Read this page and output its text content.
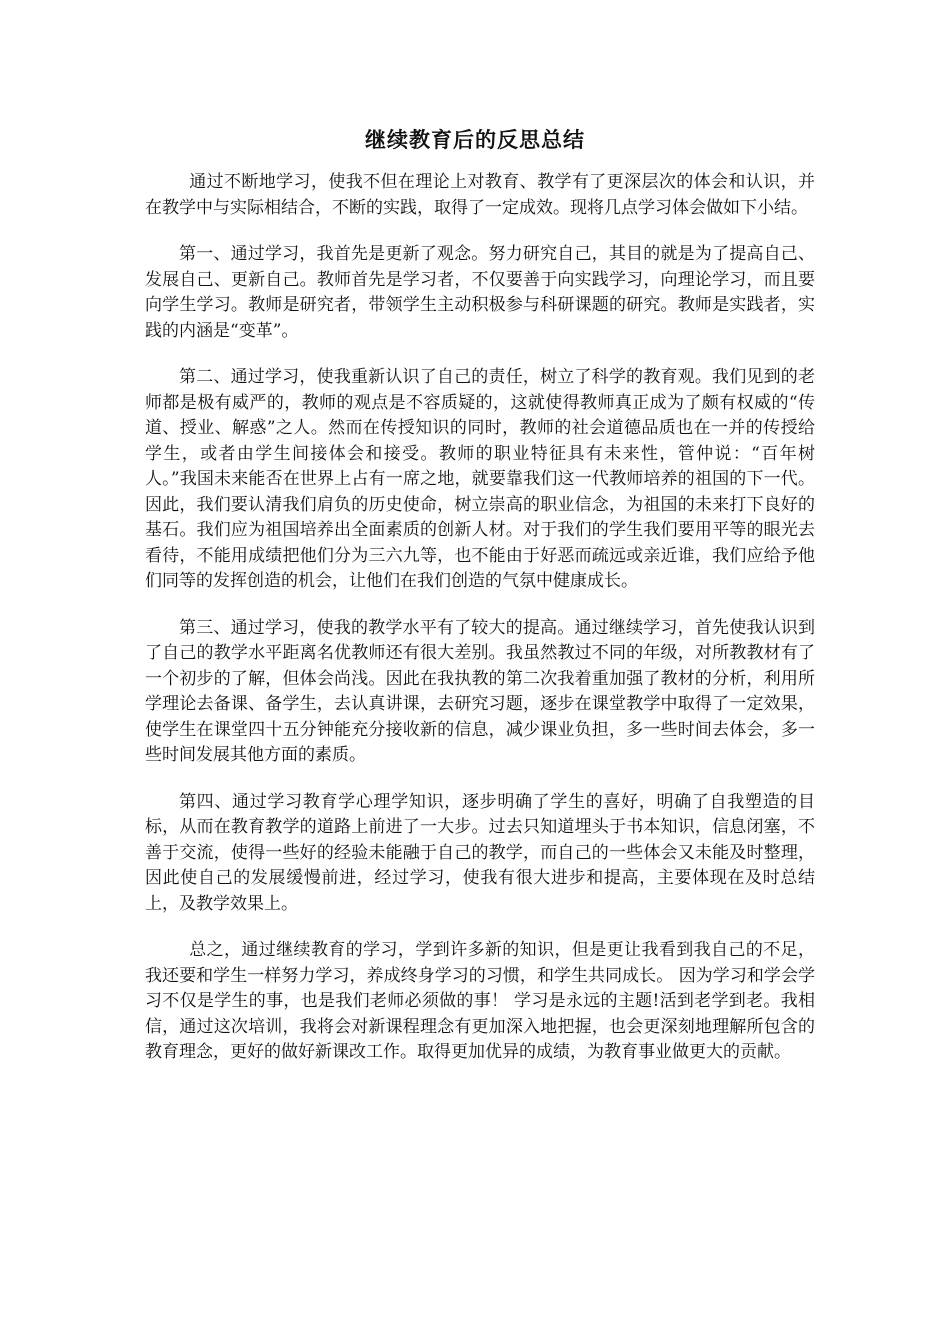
继续教育后的反思总结

通过不断地学习，使我不但在理论上对教育、教学有了更深层次的体会和认识，并在教学中与实际相结合，不断的实践，取得了一定成效。现将几点学习体会做如下小结。

第一、通过学习，我首先是更新了观念。努力研究自己，其目的就是为了提高自己、发展自己、更新自己。教师首先是学习者，不仅要善于向实践学习，向理论学习，而且要向学生学习。教师是研究者，带领学生主动积极参与科研课题的研究。教师是实践者，实践的内涵是“变革”。

第二、通过学习，使我重新认识了自己的责任，树立了科学的教育观。我们见到的老师都是极有威严的，教师的观点是不容质疑的，这就使得教师真正成为了颇有权威的“传道、授业、解惑”之人。然而在传授知识的同时，教师的社会道德品质也在一并的传授给学生，或者由学生间接体会和接受。教师的职业特征具有未来性，管仲说：“百年树人。”我国未来能否在世界上占有一席之地，就要靠我们这一代教师培养的祖国的下一代。因此，我们要认清我们肩负的历史使命，树立崇高的职业信念，为祖国的未来打下良好的基石。我们应为祖国培养出全面素质的创新人材。对于我们的学生我们要用平等的眼光去看待，不能用成绩把他们分为三六九等，也不能由于好恶而疏远或亲近谁，我们应给予他们同等的发挥创造的机会，让他们在我们创造的气氛中健康成长。

第三、通过学习，使我的教学水平有了较大的提高。通过继续学习，首先使我认识到了自己的教学水平距离名优教师还有很大差别。我虽然教过不同的年级，对所教教材有了一个初步的了解，但体会尚浅。因此在我执教的第二次我着重加强了教材的分析，利用所学理论去备课、备学生，去认真讲课，去研究习题，逐步在课堂教学中取得了一定效果，使学生在课堂四十五分钟能充分接收新的信息，减少课业负担，多一些时间去体会，多一些时间发展其他方面的素质。

第四、通过学习教育学心理学知识，逐步明确了学生的喜好，明确了自我塑造的目标，从而在教育教学的道路上前进了一大步。过去只知道埋头于书本知识，信息闭塞，不善于交流，使得一些好的经验未能融于自己的教学，而自己的一些体会又未能及时整理，因此使自己的发展缓慢前进，经过学习，使我有很大进步和提高，主要体现在及时总结上，及教学效果上。

总之，通过继续教育的学习，学到许多新的知识，但是更让我看到我自己的不足，我还要和学生一样努力学习，养成终身学习的习惯，和学生共同成长。 因为学习和学会学习不仅是学生的事，也是我们老师必须做的事！ 学习是永远的主题!活到老学到老。我相信，通过这次培训，我将会对新课程理念有更加深入地把握，也会更深刻地理解所包含的教育理念，更好的做好新课改工作。取得更加优异的成绩，为教育事业做更大的贡献。
